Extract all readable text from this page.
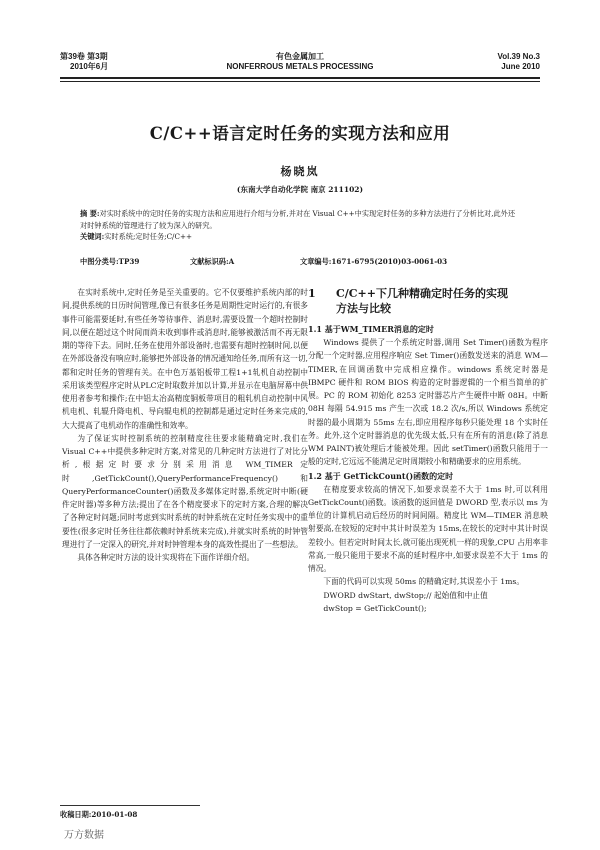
第39卷 第3期
2010年6月
有色金属加工
NONFERROUS METALS PROCESSING
Vol.39 No.3
June 2010
C/C++语言定时任务的实现方法和应用
杨晓岚
(东南大学自动化学院 南京 211102)

摘 要:对实时系统中的定时任务的实现方法和应用进行介绍与分析,并对在 Visual C++中实现定时任务的多种方法进行了分析比对,此外还对时钟系统的管理进行了较为深入的研究。

关键词:实时系统;定时任务;C/C++

中图分类号:TP39	文献标识码:A	文章编号:1671-6795(2010)03-0061-03

在实时系统中,定时任务是至关重要的。它不仅要维护系统内部的时间,提供系统的日历时间管理,像已有很多任务是周期性定时运行的,有很多事件可能需要延时,有些任务等待事件、消息时,需要设置一个超时控制时间,以便在超过这个时间而尚未收到事件或消息时,能够被激活而不再无限期的等待下去。同时,任务在使用外部设备时,也需要有超时控制时间,以便在外部设备没有响应时,能够把外部设备的情况通知给任务,而所有这一切,都和定时任务的管理有关。在中色万基铝板带工程1+1轧机自动控制中采用该类型程序定时从PLC定时取数并加以计算,并显示在电脑屏幕中供使用者参考和操作;在中铝太冶高精度铜板带项目的粗轧机自动控制中风机电机、轧辊升降电机、导向辊电机的控制都是通过定时任务来完成的,大大提高了电机动作的准确性和效率。

为了保证实时控制系统的控制精度往往要求能精确定时,我们在 Visual C++中提供多种定时方案,对常见的几种定时方法进行了对比分析,根据定时要求分别采用消息 WM_TIMER 定时,GetTickCount(),QueryPerformanceFrequency()和 QueryPerformanceCounter()函数及多媒体定时器,系统定时中断(硬件定时器)等多种方法;提出了在各个精度要求下的定时方案,合理的解决了各种定时问题;同时考虑到实时系统的时钟系统在定时任务实现中的重要性(很多定时任务往往都依赖时钟系统来完成),并就实时系统的时钟管理进行了一定深入的研究,并对时钟管理本身的高效性提出了一些想法。

具体各种定时方法的设计实现将在下面作详细介绍。

1 C/C++下几种精确定时任务的实现
方法与比较

1.1 基于WM_TIMER消息的定时

Windows 提供了一个系统定时器,调用 Set Timer()函数为程序分配一个定时器,应用程序响应 Set Timer()函数发送来的消息 WM—TIMER,在回调函数中完成相应操作。windows 系统定时器是 IBMPC 硬件和 ROM BIOS 构造的定时器逻辑的一个相当简单的扩展。PC 的 ROM 初始化 8253 定时器芯片产生硬件中断 08H。中断 08H 每隔 54.915 ms 产生一次或 18.2 次/s,所以 Windows 系统定时器的最小周期为 55ms 左右,即应用程序每秒只能处理 18 个实时任务。此外,这个定时器消息的优先级太低,只有在所有的消息(除了消息 WM PAINT)被处理后才能被处理。因此 setTimer()函数只能用于一般的定时,它远远不能满足定时周期较小和精确要求的应用系统。

1.2 基于 GetTickCount()函数的定时

在精度要求较高的情况下,如要求误差不大于 1ms 时,可以利用 GetTickCount()函数。该函数的返回值是 DWORD 型,表示以 ms 为单位的计算机启动后经历的时间间隔。精度比 WM—TIMER 消息映射要高,在较短的定时中其计时误差为 15ms,在较长的定时中其计时误差较小。但若定时时间太长,就可能出现死机一样的现象,CPU 占用率非常高,一般只能用于要求不高的延时程序中,如要求误差不大于 1ms 的情况。

下面的代码可以实现 50ms 的精确定时,其误差小于 1ms。

DWORD dwStart, dwStop;// 起始值和中止值
dwStop = GetTickCount();
收稿日期:2010-01-08
万方数据
